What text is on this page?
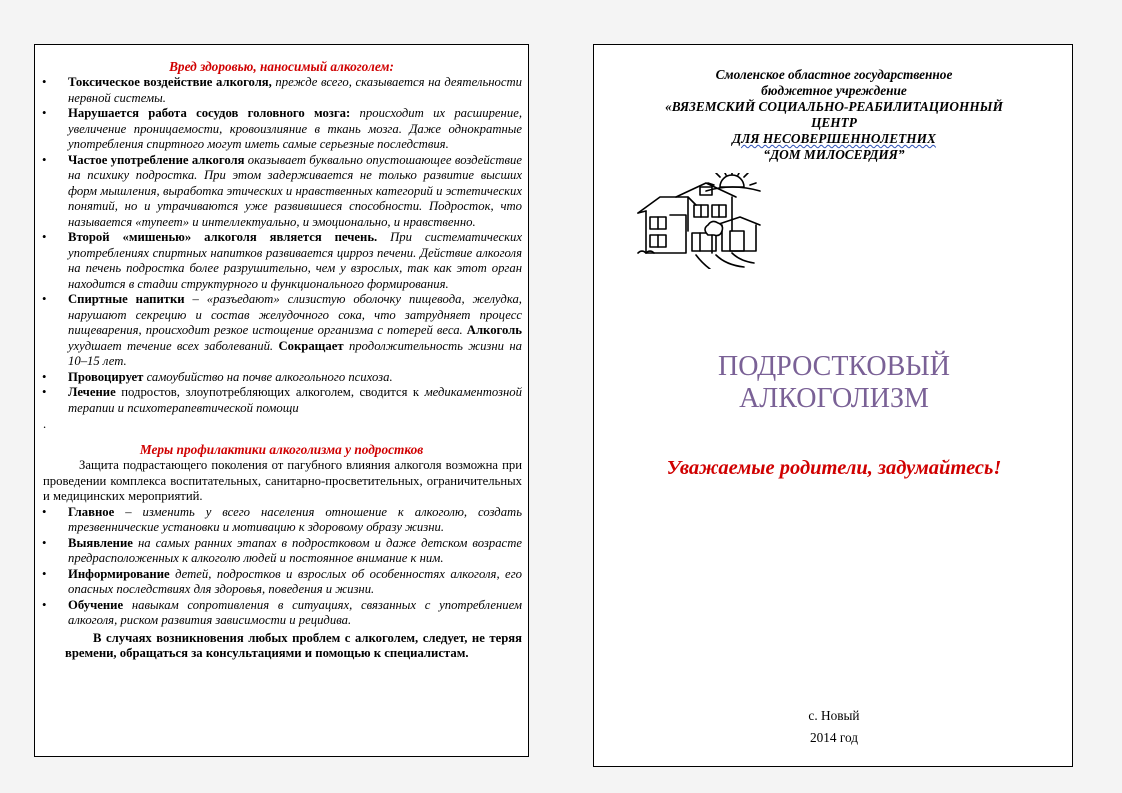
Вред здоровью, наносимый алкоголем:

• Токсическое воздействие алкоголя, прежде всего, сказывается на деятельности нервной системы.
• Нарушается работа сосудов головного мозга: происходит их расширение, увеличение проницаемости, кровоизлияние в ткань мозга. Даже однократные употребления спиртного могут иметь самые серьезные последствия.
• Частое употребление алкоголя оказывает буквально опустошающее воздействие на психику подростка. При этом задерживается не только развитие высших форм мышления, выработка этических и нравственных категорий и эстетических понятий, но и утрачиваются уже развившиеся способности. Подросток, что называется «тупеет» и интеллектуально, и эмоционально, и нравственно.
• Второй «мишенью» алкоголя является печень. При систематических употреблениях спиртных напитков развивается цирроз печени. Действие алкоголя на печень подростка более разрушительно, чем у взрослых, так как этот орган находится в стадии структурного и функционального формирования.
• Спиртные напитки – «разъедают» слизистую оболочку пищевода, желудка, нарушают секрецию и состав желудочного сока, что затрудняет процесс пищеварения, происходит резкое истощение организма с потерей веса. Алкоголь ухудшает течение всех заболеваний. Сокращает продолжительность жизни на 10–15 лет.
• Провоцирует самоубийство на почве алкогольного психоза.
• Лечение подростов, злоупотребляющих алкоголем, сводится к медикаментозной терапии и психотерапевтической помощи
.

Меры профилактики алкоголизма у подростков

Защита подрастающего поколения от пагубного влияния алкоголя возможна при проведении комплекса воспитательных, санитарно-просветительных, ограничительных и медицинских мероприятий.

• Главное – изменить у всего населения отношение к алкоголю, создать трезвеннические установки и мотивацию к здоровому образу жизни.
• Выявление на самых ранних этапах в подростковом и даже детском возрасте предрасположенных к алкоголю людей и постоянное внимание к ним.
• Информирование детей, подростков и взрослых об особенностях алкоголя, его опасных последствиях для здоровья, поведения и жизни.
• Обучение навыкам сопротивления в ситуациях, связанных с употреблением алкоголя, риском развития зависимости и рецидива.

В случаях возникновения любых проблем с алкоголем, следует, не теряя времени, обращаться за консультациями и помощью к специалистам.

Смоленское областное государственное
бюджетное учреждение
«ВЯЗЕМСКИЙ СОЦИАЛЬНО-РЕАБИЛИТАЦИОННЫЙ
ЦЕНТР
ДЛЯ НЕСОВЕРШЕННОЛЕТНИХ
“ДОМ МИЛОСЕРДИЯ”
ПОДРОСТКОВЫЙ
АЛКОГОЛИЗМ
Уважаемые родители, задумайтесь!
с. Новый
2014 год
